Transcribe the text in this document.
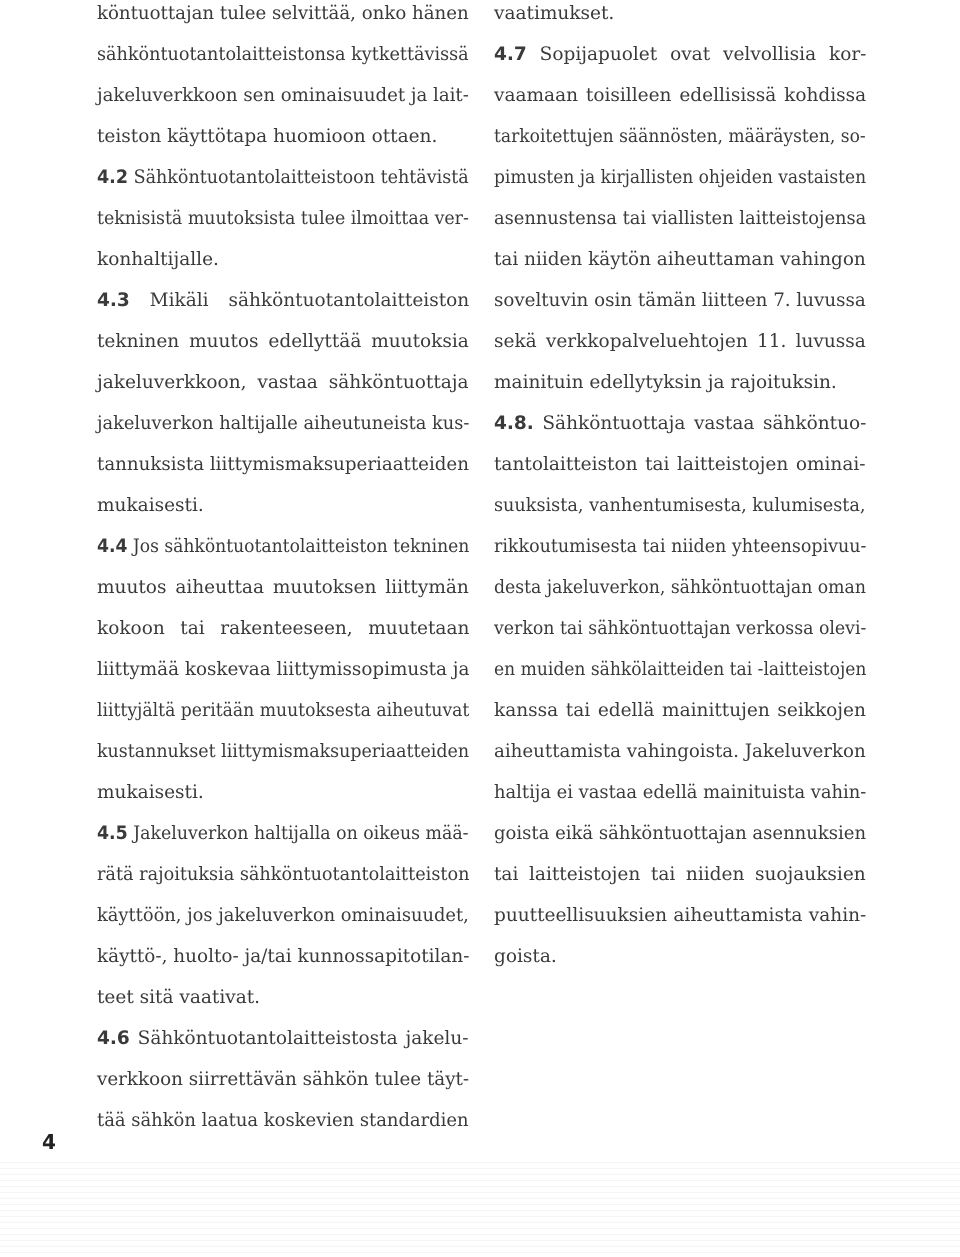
köntuottajan tulee selvittää, onko hänen
sähköntuotantolaitteistonsa kytkettävissä
jakeluverkkoon sen ominaisuudet ja lait-
teiston käyttötapa huomioon ottaen.
4.2 Sähköntuotantolaitteistoon tehtävistä
teknisistä muutoksista tulee ilmoittaa ver-
konhaltijalle.
4.3 Mikäli sähköntuotantolaitteiston
tekninen muutos edellyttää muutoksia
jakeluverkkoon, vastaa sähköntuottaja
jakeluverkon haltijalle aiheutuneista kus-
tannuksista liittymismaksuperiaatteiden
mukaisesti.
4.4 Jos sähköntuotantolaitteiston tekninen
muutos aiheuttaa muutoksen liittymän
kokoon tai rakenteeseen, muutetaan
liittymää koskevaa liittymissopimusta ja
liittyjältä peritään muutoksesta aiheutuvat
kustannukset liittymismaksuperiaatteiden
mukaisesti.
4.5 Jakeluverkon haltijalla on oikeus mää-
rätä rajoituksia sähköntuotantolaitteiston
käyttöön, jos jakeluverkon ominaisuudet,
käyttö-, huolto- ja/tai kunnossapitotilan-
teet sitä vaativat.
4.6 Sähköntuotantolaitteistosta jakelu-
verkkoon siirrettävän sähkön tulee täyt-
tää sähkön laatua koskevien standardien
vaatimukset.
4.7 Sopijapuolet ovat velvollisia kor-
vaamaan toisilleen edellisissä kohdissa
tarkoitettujen säännösten, määräysten, so-
pimusten ja kirjallisten ohjeiden vastaisten
asennustensa tai viallisten laitteistojensa
tai niiden käytön aiheuttaman vahingon
soveltuvin osin tämän liitteen 7. luvussa
sekä verkkopalveluehtojen 11. luvussa
mainituin edellytyksin ja rajoituksin.
4.8. Sähköntuottaja vastaa sähköntuo-
tantolaitteiston tai laitteistojen ominai-
suuksista, vanhentumisesta, kulumisesta,
rikkoutumisesta tai niiden yhteensopivuu-
desta jakeluverkon, sähköntuottajan oman
verkon tai sähköntuottajan verkossa olevi-
en muiden sähkölaitteiden tai -laitteistojen
kanssa tai edellä mainittujen seikkojen
aiheuttamista vahingoista. Jakeluverkon
haltija ei vastaa edellä mainituista vahin-
goista eikä sähköntuottajan asennuksien
tai laitteistojen tai niiden suojauksien
puutteellisuuksien aiheuttamista vahin-
goista.
4
